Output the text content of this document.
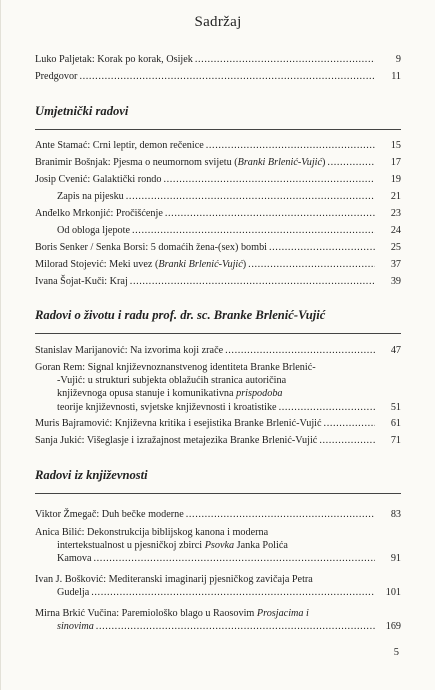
Sadržaj
Luko Paljetak: Korak po korak, Osijek .....	9
Predgovor .....	11
Umjetnički radovi
Ante Stamać: Crni leptir, demon rečenice .....	15
Branimir Bošnjak: Pjesma o neumornom svijetu (Branki Brlenić-Vujić) .....	17
Josip Cvenić: Galaktički rondo .....	19
Zapis na pijesku .....	21
Anđelko Mrkonjić: Pročišćenje .....	23
Od obloga ljepote .....	24
Boris Senker / Senka Borsi: 5 domaćih žena-(sex) bombi .....	25
Milorad Stojević: Meki uvez (Branki Brlenić-Vujić) .....	37
Ivana Šojat-Kuči: Kraj .....	39
Radovi o životu i radu prof. dr. sc. Branke Brlenić-Vujić
Stanislav Marijanović: Na izvorima koji zrače .....	47
Goran Rem: Signal književnoznanstvenog identiteta Branke Brlenić-
-Vujić: u strukturi subjekta oblažućih stranica autoričina
književnoga opusa stanuje i komunikativna prispodoba
teorije književnosti, svjetske književnosti i kroatistike .....	51
Muris Bajramović: Književna kritika i esejistika Branke Brlenić-Vujić .....	61
Sanja Jukić: Višeglasje i izražajnost metajezika Branke Brlenić-Vujić .....	71
Radovi iz književnosti
Viktor Žmegač: Duh bečke moderne .....	83
Anica Bilić: Dekonstrukcija biblijskog kanona i moderna
intertekstualnost u pjesničkoj zbirci Psovka Janka Polića
Kamova .....	91
Ivan J. Bošković: Mediteranski imaginarij pjesničkog zavičaja Petra
Gudelja .....	101
Mirna Brkić Vučina: Paremiološko blago u Raosovim Prosjacima i
sinovima .....	169
5
